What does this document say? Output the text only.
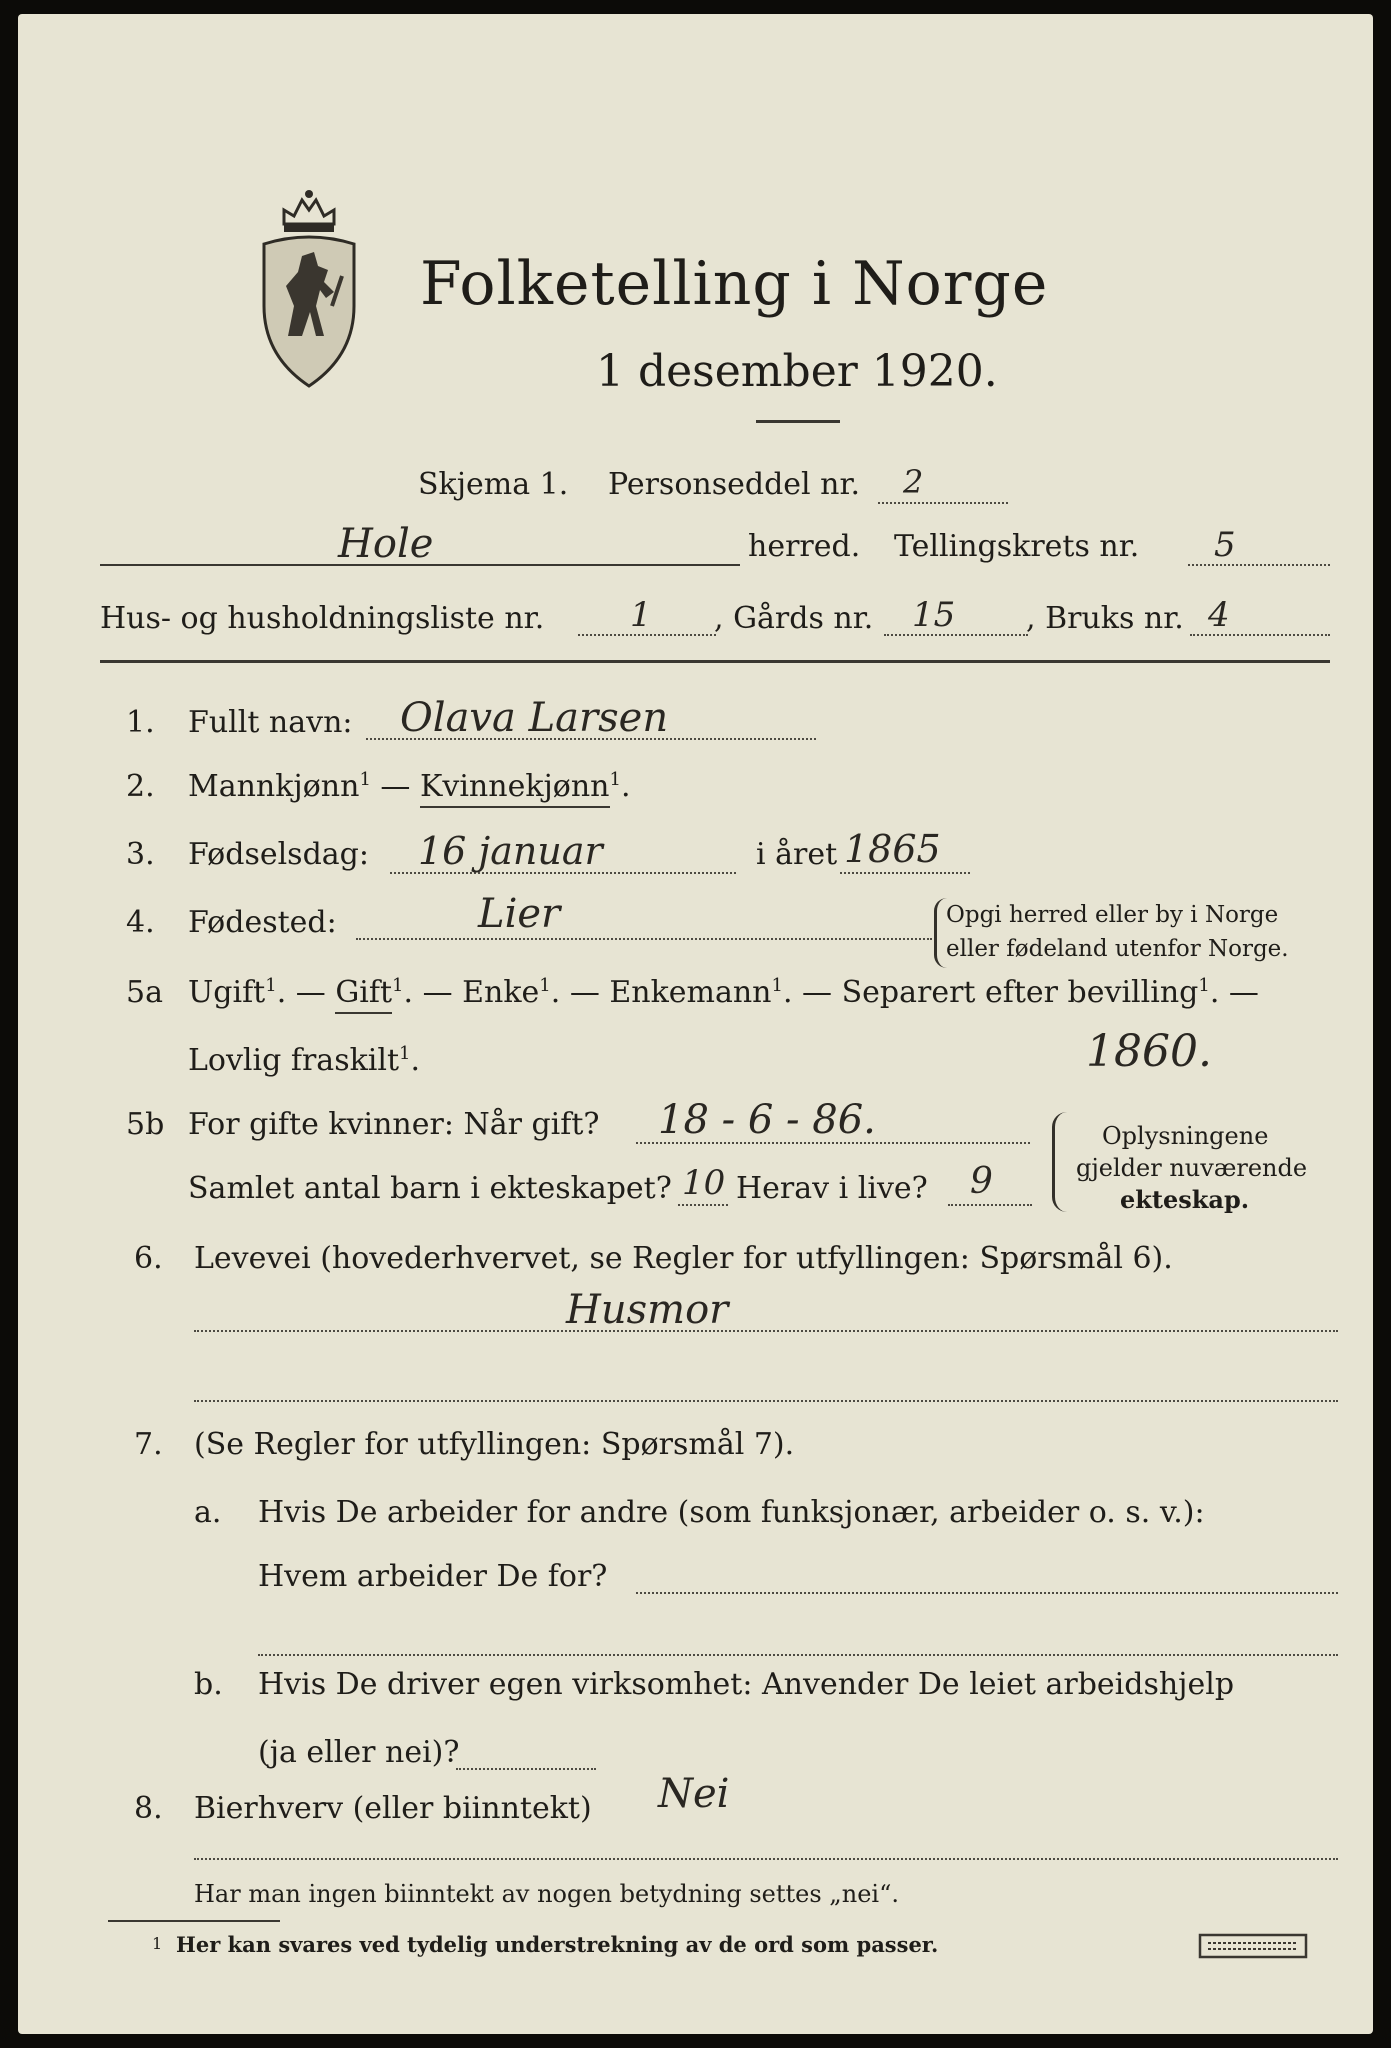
Folketelling i Norge
1 desember 1920.
Skjema 1. Personseddel nr. 2
Hole	herred. Tellingskrets nr. 5
Hus- og husholdningsliste nr.	1 , Gårds nr. 15 , Bruks nr. 4
1. Fullt navn: Olava Larsen
2. Mannkjønn$^1$ — Kvinnekjønn$^1$.
3. Fødselsdag: 16 januar	i året 1865
4. Fødested:	Lier	Opgi herred eller by i Norge
eller fødeland utenfor Norge.
5a Ugift$^1$. — Gift$^1$. — Enke$^1$. — Enkemann$^1$. — Separert efter bevilling$^1$. —
Lovlig fraskilt$^1$.	1860.
5b For gifte kvinner: Når gift? 18 - 6 - 86.
Samlet antal barn i ekteskapet? 10 Herav i live? 9
Oplysningene
gjelder nuværende
ekteskap.
6. Levevei (hovederhvervet, se Regler for utfyllingen: Spørsmål 6).
Husmor
7. (Se Regler for utfyllingen: Spørsmål 7).
a. Hvis De arbeider for andre (som funksjonær, arbeider o. s. v.):
Hvem arbeider De for?
b. Hvis De driver egen virksomhet: Anvender De leiet arbeidshjelp
(ja eller nei)?
8. Bierhverv (eller biinntekt) Nei
Har man ingen biinntekt av nogen betydning settes „nei“.
1 Her kan svares ved tydelig understrekning av de ord som passer.
